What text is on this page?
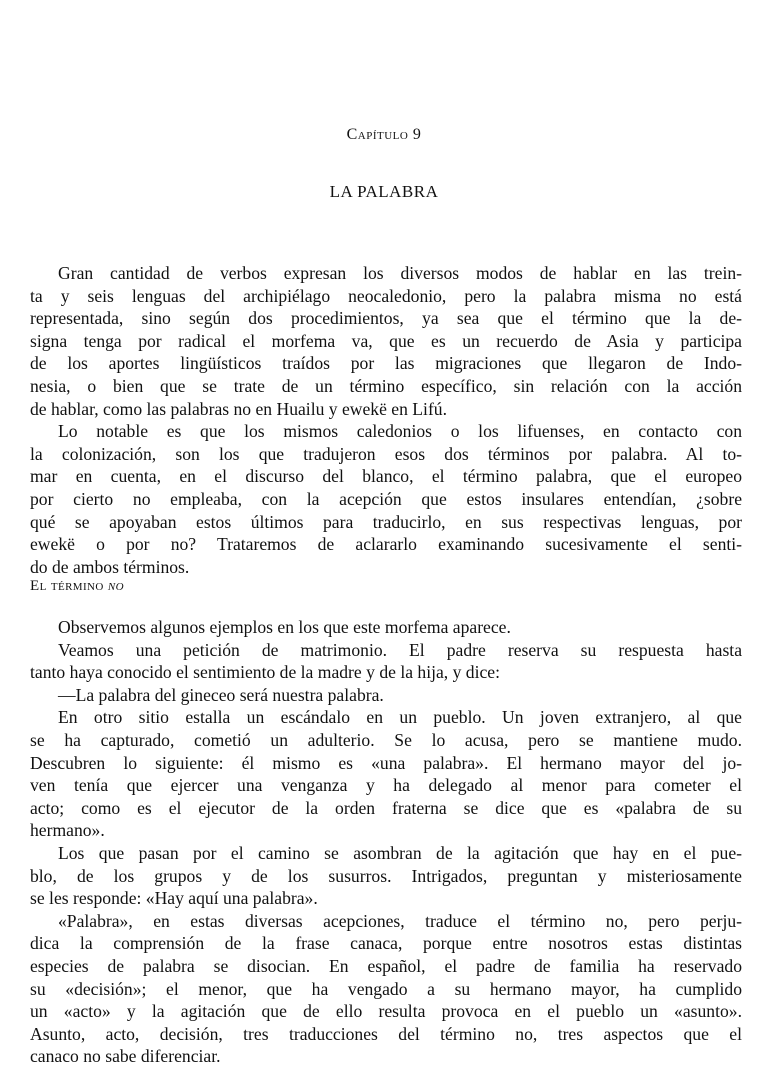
Capítulo 9
LA PALABRA
Gran cantidad de verbos expresan los diversos modos de hablar en las trein-
ta y seis lenguas del archipiélago neocaledonio, pero la palabra misma no está
representada, sino según dos procedimientos, ya sea que el término que la de-
signa tenga por radical el morfema va, que es un recuerdo de Asia y participa
de los aportes lingüísticos traídos por las migraciones que llegaron de Indo-
nesia, o bien que se trate de un término específico, sin relación con la acción
de hablar, como las palabras no en Huailu y ewekë en Lifú.
Lo notable es que los mismos caledonios o los lifuenses, en contacto con
la colonización, son los que tradujeron esos dos términos por palabra. Al to-
mar en cuenta, en el discurso del blanco, el término palabra, que el europeo
por cierto no empleaba, con la acepción que estos insulares entendían, ¿sobre
qué se apoyaban estos últimos para traducirlo, en sus respectivas lenguas, por
ewekë o por no? Trataremos de aclararlo examinando sucesivamente el senti-
do de ambos términos.
El término no
Observemos algunos ejemplos en los que este morfema aparece.
Veamos una petición de matrimonio. El padre reserva su respuesta hasta
tanto haya conocido el sentimiento de la madre y de la hija, y dice:
—La palabra del gineceo será nuestra palabra.
En otro sitio estalla un escándalo en un pueblo. Un joven extranjero, al que
se ha capturado, cometió un adulterio. Se lo acusa, pero se mantiene mudo.
Descubren lo siguiente: él mismo es «una palabra». El hermano mayor del jo-
ven tenía que ejercer una venganza y ha delegado al menor para cometer el
acto; como es el ejecutor de la orden fraterna se dice que es «palabra de su
hermano».
Los que pasan por el camino se asombran de la agitación que hay en el pue-
blo, de los grupos y de los susurros. Intrigados, preguntan y misteriosamente
se les responde: «Hay aquí una palabra».
«Palabra», en estas diversas acepciones, traduce el término no, pero perju-
dica la comprensión de la frase canaca, porque entre nosotros estas distintas
especies de palabra se disocian. En español, el padre de familia ha reservado
su «decisión»; el menor, que ha vengado a su hermano mayor, ha cumplido
un «acto» y la agitación que de ello resulta provoca en el pueblo un «asunto».
Asunto, acto, decisión, tres traducciones del término no, tres aspectos que el
canaco no sabe diferenciar.
